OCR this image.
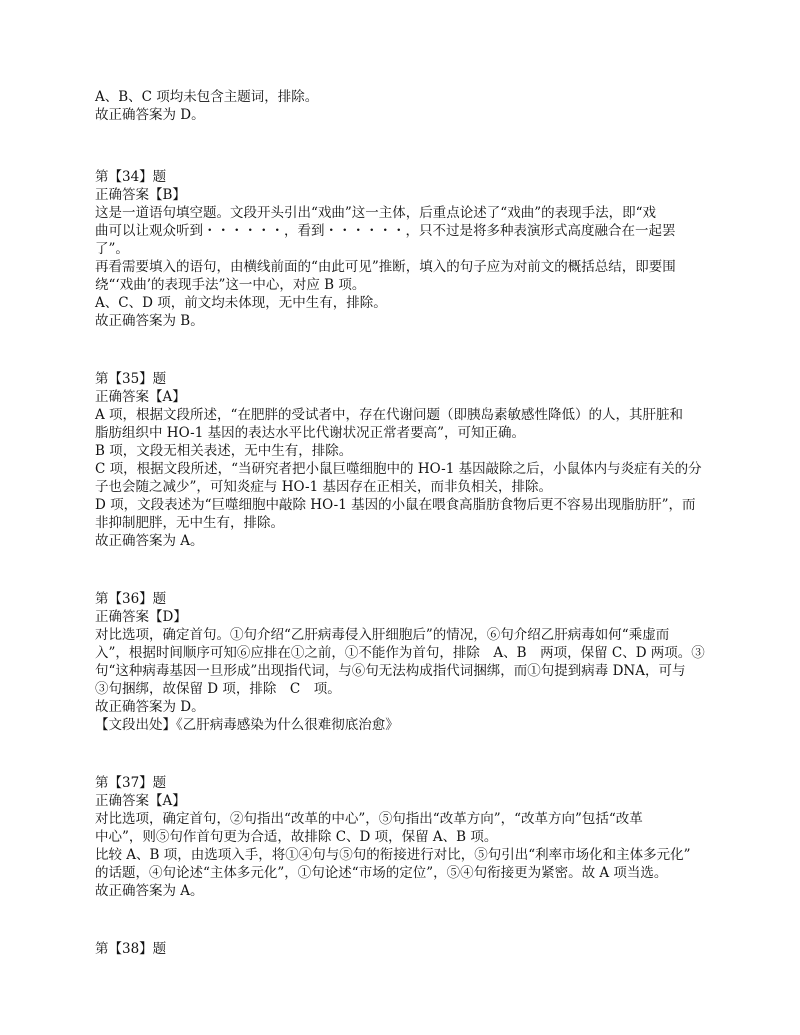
A、B、C 项均未包含主题词，排除。
故正确答案为 D。
第【34】题
正确答案【B】
这是一道语句填空题。文段开头引出“戏曲”这一主体，后重点论述了“戏曲”的表现手法，即“戏
曲可以让观众听到・・・・・・，看到・・・・・・，只不过是将多种表演形式高度融合在一起罢
了”。
再看需要填入的语句，由横线前面的“由此可见”推断，填入的句子应为对前文的概括总结，即要围
绕“‘戏曲’的表现手法”这一中心，对应 B 项。
A、C、D 项，前文均未体现，无中生有，排除。
故正确答案为 B。
第【35】题
正确答案【A】
A 项，根据文段所述，“在肥胖的受试者中，存在代谢问题（即胰岛素敏感性降低）的人，其肝脏和
脂肪组织中 HO-1 基因的表达水平比代谢状况正常者要高”，可知正确。
B 项，文段无相关表述，无中生有，排除。
C 项，根据文段所述，“当研究者把小鼠巨噬细胞中的 HO-1 基因敲除之后，小鼠体内与炎症有关的分
子也会随之减少”，可知炎症与 HO-1 基因存在正相关，而非负相关，排除。
D 项，文段表述为“巨噬细胞中敲除 HO-1 基因的小鼠在喂食高脂肪食物后更不容易出现脂肪肝”，而
非抑制肥胖，无中生有，排除。
故正确答案为 A。
第【36】题
正确答案【D】
对比选项，确定首句。①句介绍“乙肝病毒侵入肝细胞后”的情况，⑥句介绍乙肝病毒如何“乘虚而
入”，根据时间顺序可知⑥应排在①之前，①不能作为首句，排除　A、B　两项，保留 C、D 两项。③
句“这种病毒基因一旦形成”出现指代词，与⑥句无法构成指代词捆绑，而①句提到病毒 DNA，可与
③句捆绑，故保留 D 项，排除　C　项。
故正确答案为 D。
【文段出处】《乙肝病毒感染为什么很难彻底治愈》
第【37】题
正确答案【A】
对比选项，确定首句，②句指出“改革的中心”，⑤句指出“改革方向”，“改革方向”包括“改革
中心”，则⑤句作首句更为合适，故排除 C、D 项，保留 A、B 项。
比较 A、B 项，由选项入手，将①④句与⑤句的衔接进行对比，⑤句引出“利率市场化和主体多元化”
的话题，④句论述“主体多元化”，①句论述“市场的定位”，⑤④句衔接更为紧密。故 A 项当选。
故正确答案为 A。
第【38】题
